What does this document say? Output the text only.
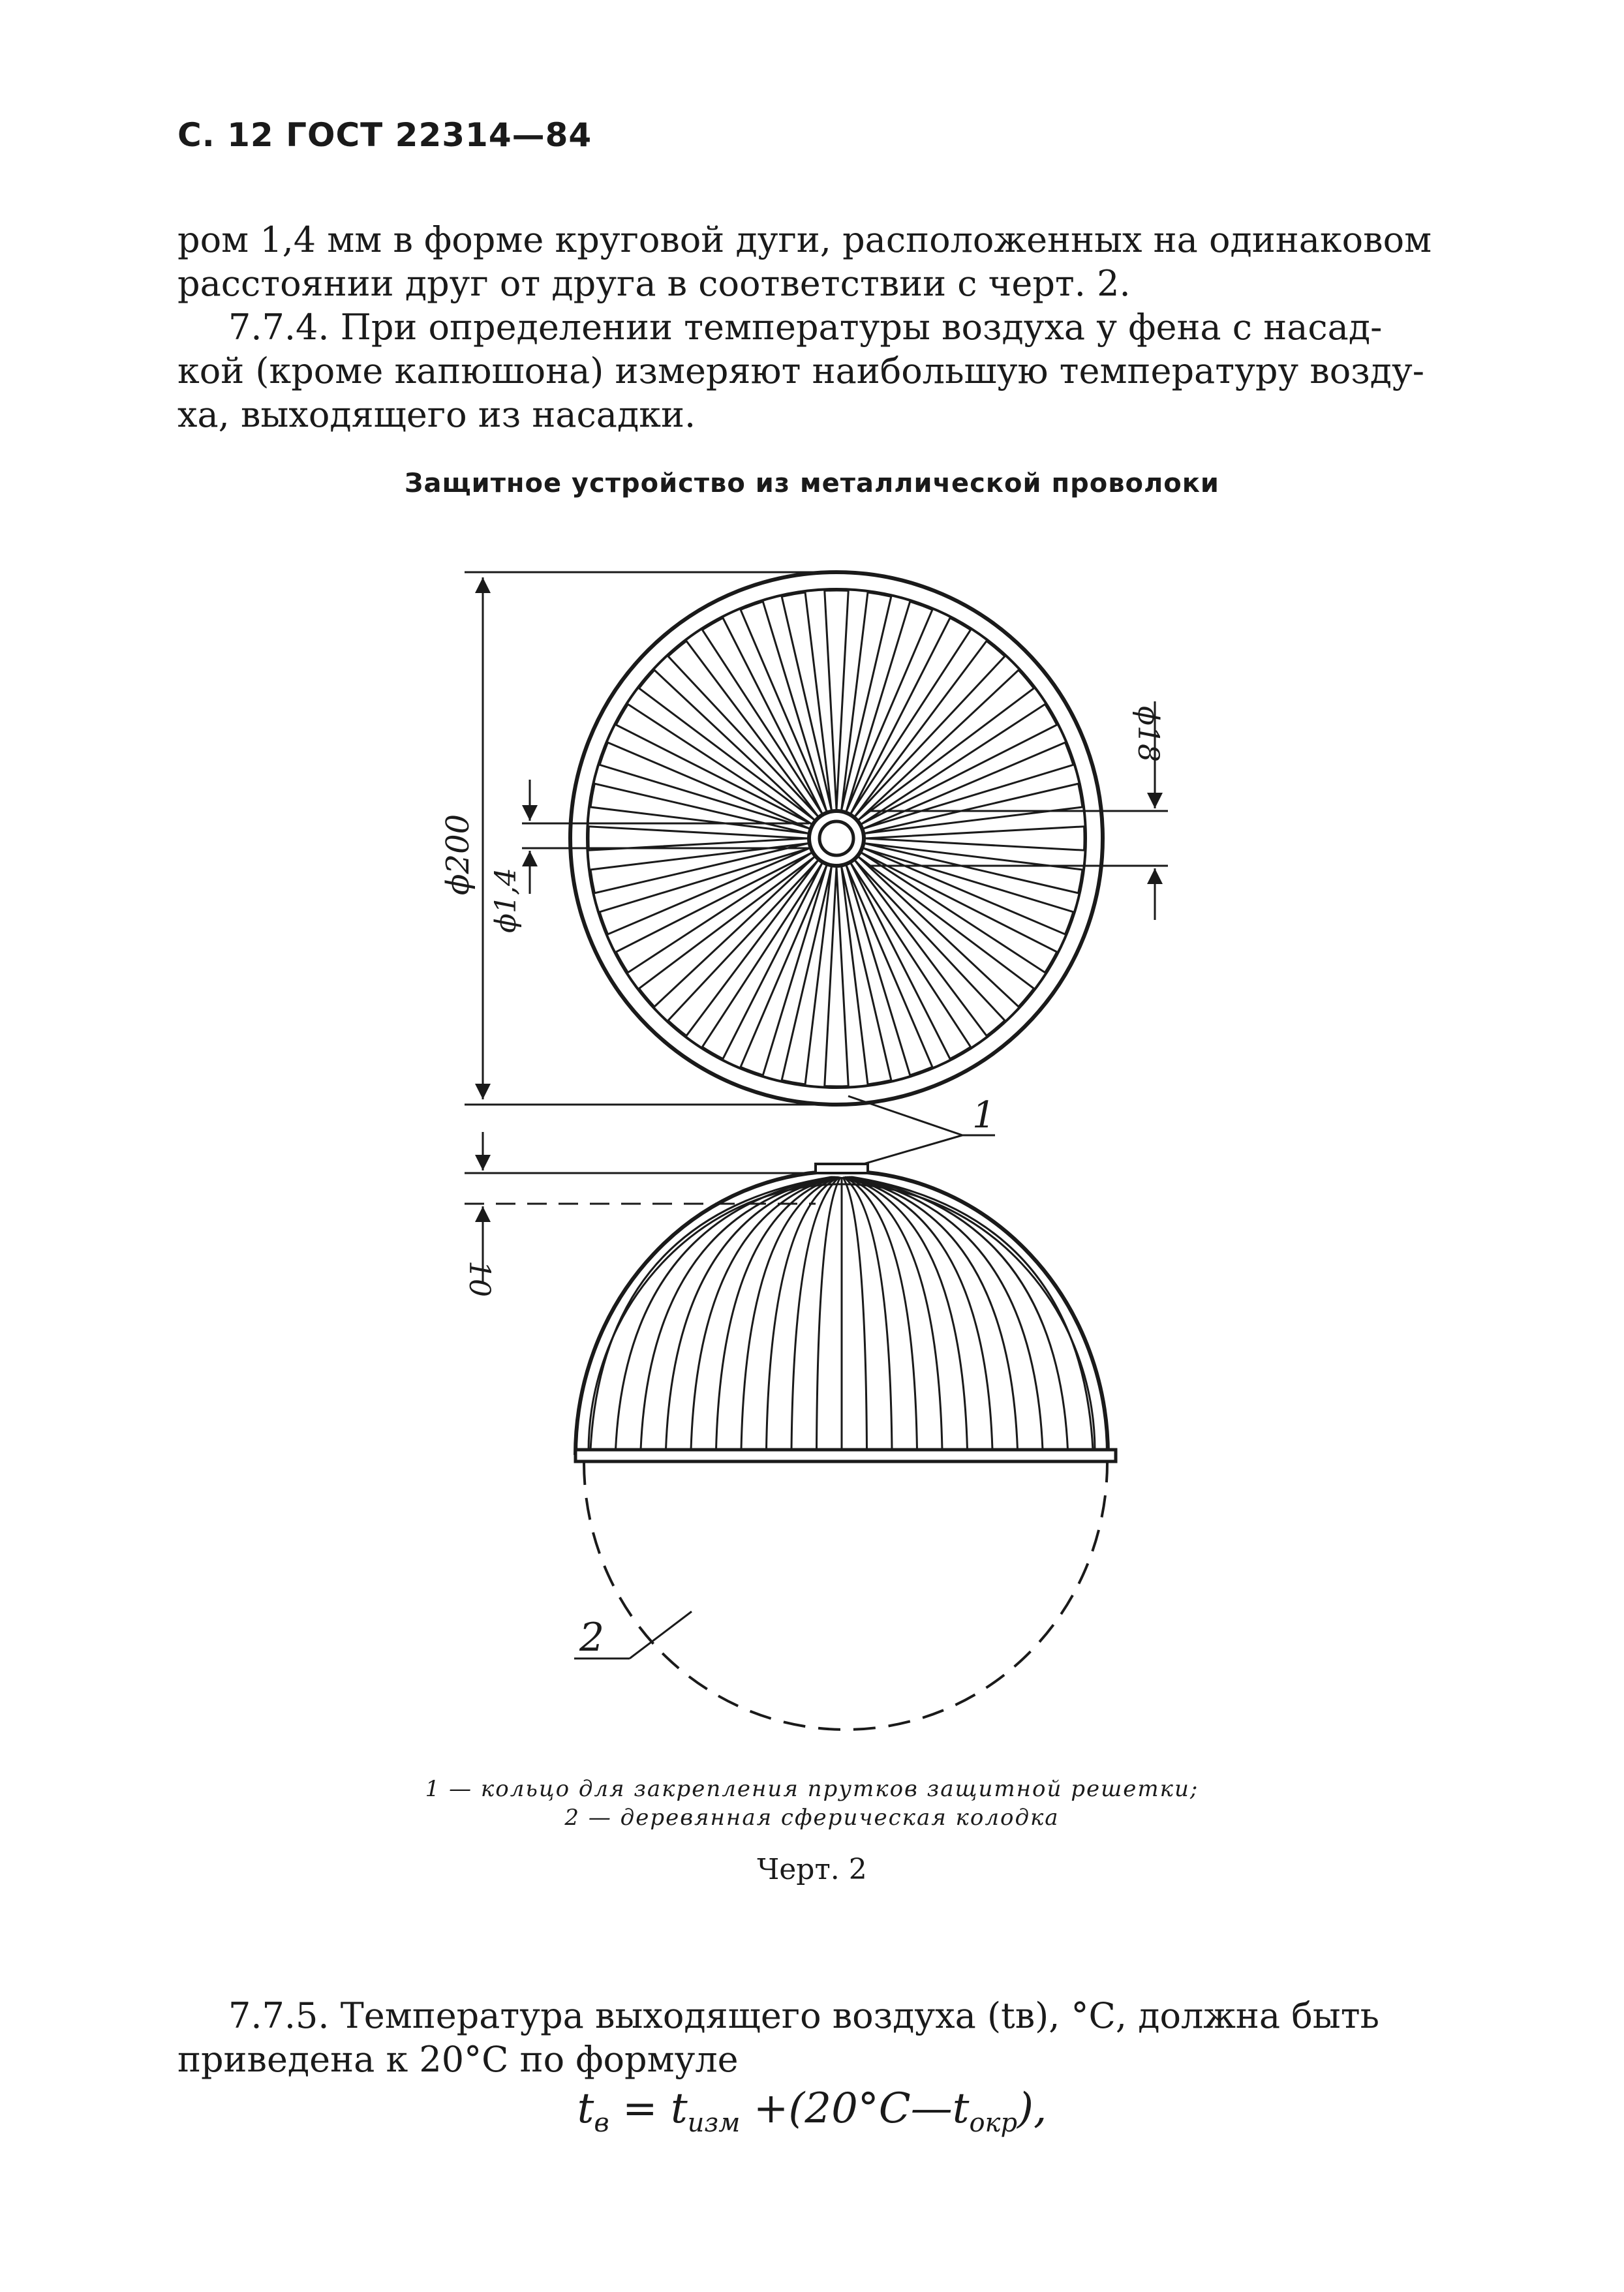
С. 12 ГОСТ 22314—84
ром 1,4 мм в форме круговой дуги, расположенных на одинаковом
расстоянии друг от друга в соответствии с черт. 2.
7.7.4. При определении температуры воздуха у фена с насад-
кой (кроме капюшона) измеряют наибольшую температуру возду-
ха, выходящего из насадки.
Защитное устройство из металлической проволоки
ϕ200
ϕ1,4
ϕ18
1
10
2
1 — кольцо для закрепления прутков защитной решетки;
2 — деревянная сферическая колодка
Черт. 2
7.7.5. Температура выходящего воздуха (tв), °С, должна быть
приведена к 20°С по формуле
$t_в = t_{изм}$ $+(20^\circ С—t_{окр})$,
